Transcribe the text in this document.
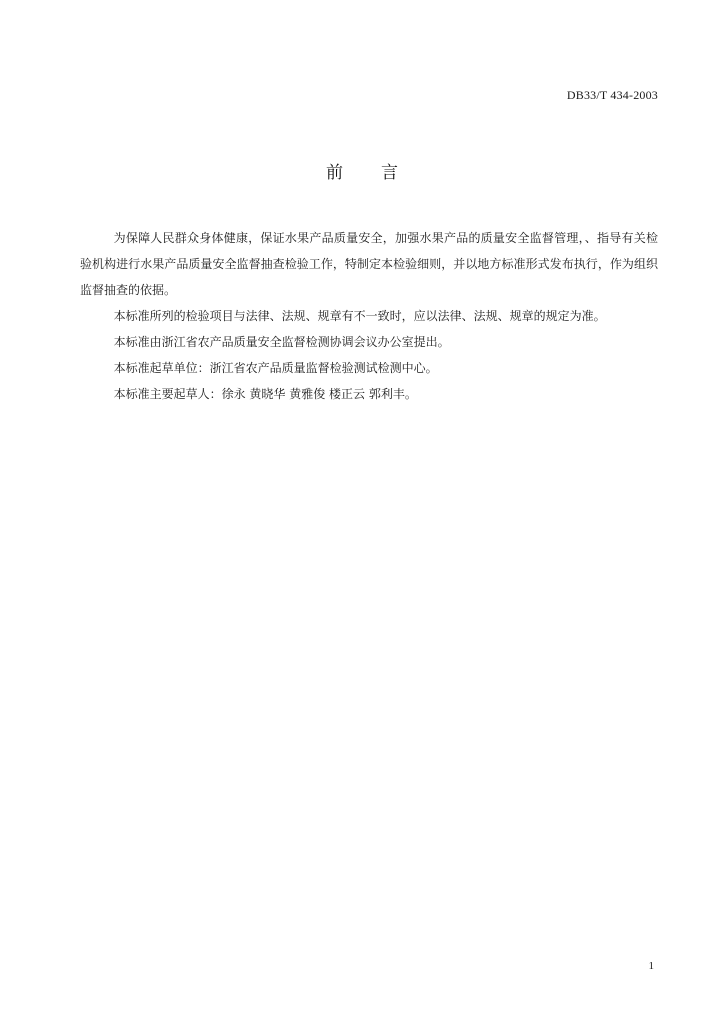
DB33/T 434-2003
前 言

为保障人民群众身体健康，保证水果产品质量安全，加强水果产品的质量安全监督管理，、指导有关检验机构进行水果产品质量安全监督抽查检验工作，特制定本检验细则，并以地方标准形式发布执行，作为组织监督抽查的依据。

本标准所列的检验项目与法律、法规、规章有不一致时，应以法律、法规、规章的规定为准。

本标准由浙江省农产品质量安全监督检测协调会议办公室提出。

本标准起草单位：浙江省农产品质量监督检验测试检测中心。

本标准主要起草人：徐永 黄晓华 黄雅俊 楼正云 郭利丰。

1
